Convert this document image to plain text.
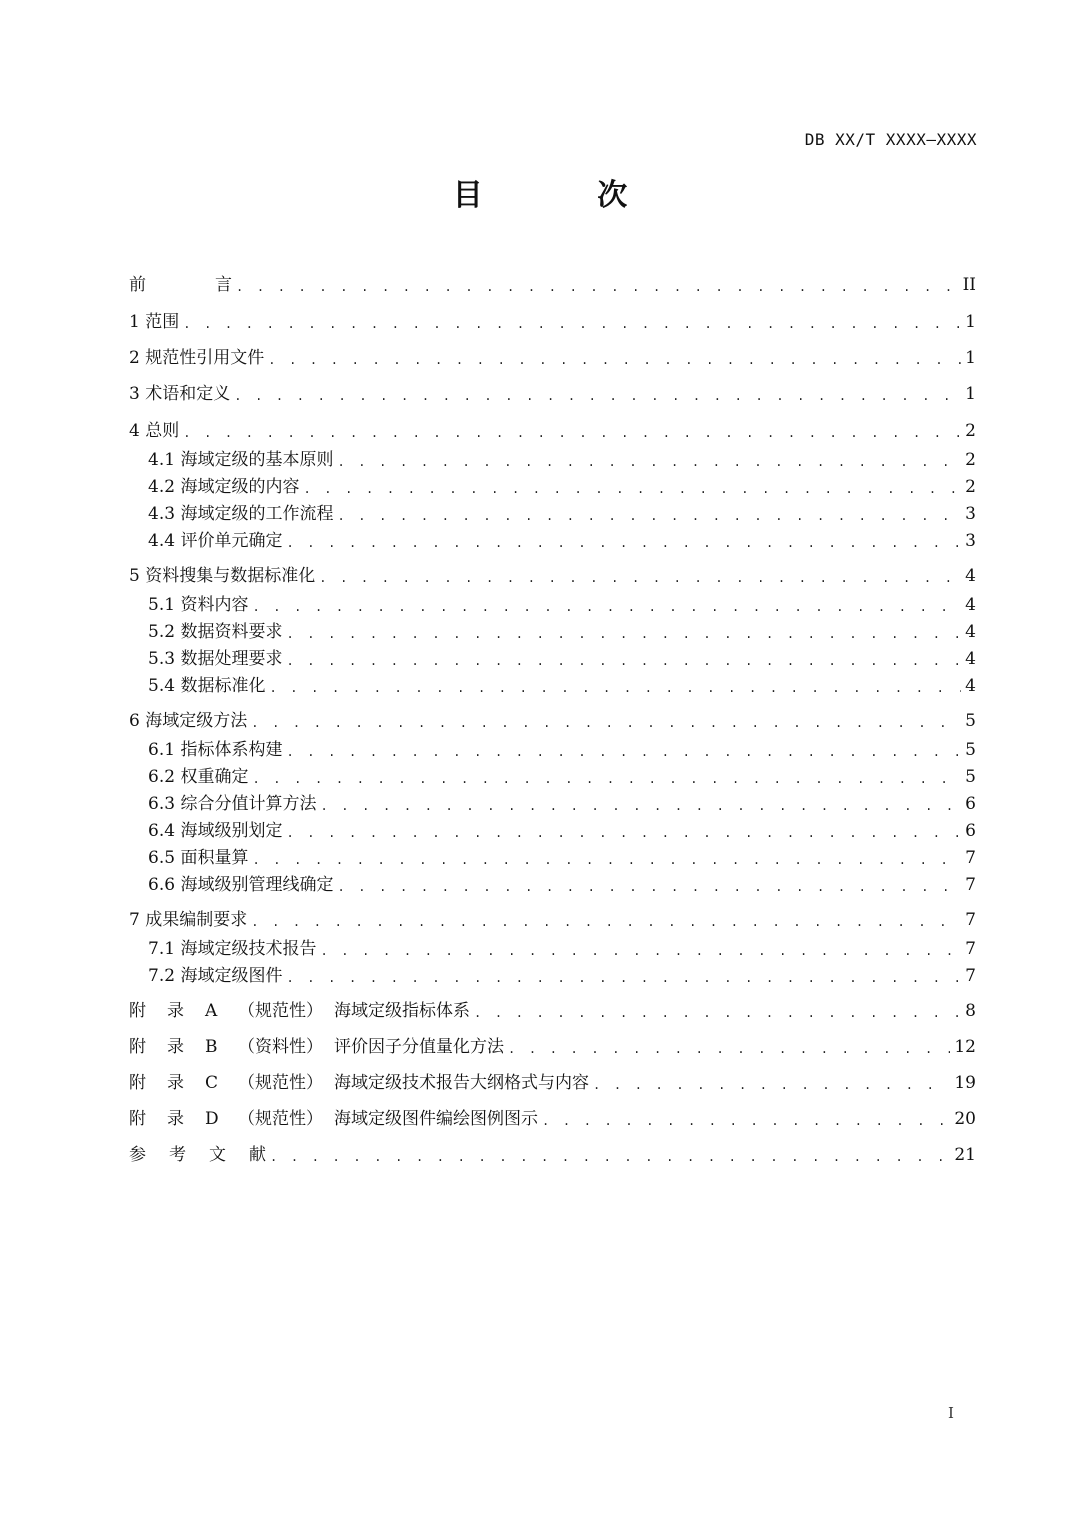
DB XX/T XXXX—XXXX
目 次
前	言 . . .	II
1 范围 . . .	1
2 规范性引用文件 . . .	1
3 术语和定义 . . .	1
4 总则 . . .	2
4.1 海域定级的基本原则 . . .	2
4.2 海域定级的内容 . . .	2
4.3 海域定级的工作流程 . . .	3
4.4 评价单元确定 . . .	3
5 资料搜集与数据标准化 . . .	4
5.1 资料内容 . . .	4
5.2 数据资料要求 . . .	4
5.3 数据处理要求 . . .	4
5.4 数据标准化 . . .	4
6 海域定级方法 . . .	5
6.1 指标体系构建 . . .	5
6.2 权重确定 . . .	5
6.3 综合分值计算方法 . . .	6
6.4 海域级别划定 . . .	6
6.5 面积量算 . . .	7
6.6 海域级别管理线确定 . . .	7
7 成果编制要求 . . .	7
7.1 海域定级技术报告 . . .	7
7.2 海域定级图件 . . .	7
附	录	A	（规范性） 海域定级指标体系 . . .	8
附	录	B	（资料性） 评价因子分值量化方法 . . .	12
附	录	C	（规范性） 海域定级技术报告大纲格式与内容 . . .	19
附	录	D	（规范性） 海域定级图件编绘图例图示 . . .	20
参 考 文 献 . . .	21
I
